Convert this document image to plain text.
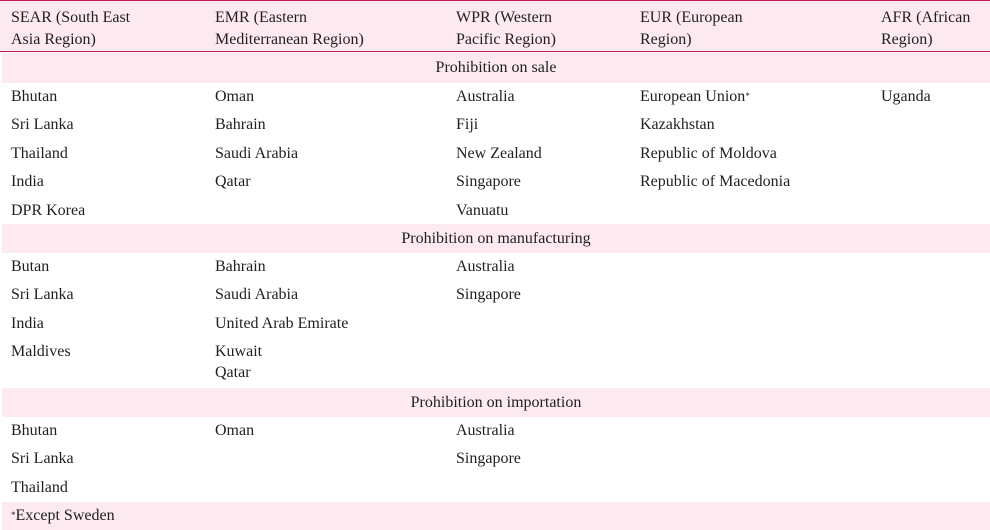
SEAR (South East
Asia Region)
EMR (Eastern
Mediterranean Region)
WPR (Western
Pacific Region)
EUR (European
Region)
AFR (African
Region)
Prohibition on sale
Bhutan
Sri Lanka
Thailand
India
DPR Korea
Oman
Bahrain
Saudi Arabia
Qatar
Australia
Fiji
New Zealand
Singapore
Vanuatu
European Union*
Kazakhstan
Republic of Moldova
Republic of Macedonia
Uganda
Prohibition on manufacturing
Butan
Sri Lanka
India
Maldives
Bahrain
Saudi Arabia
United Arab Emirate
Kuwait
Qatar
Australia
Singapore
Prohibition on importation
Bhutan
Sri Lanka
Thailand
Oman	Australia
Singapore
*Except Sweden
